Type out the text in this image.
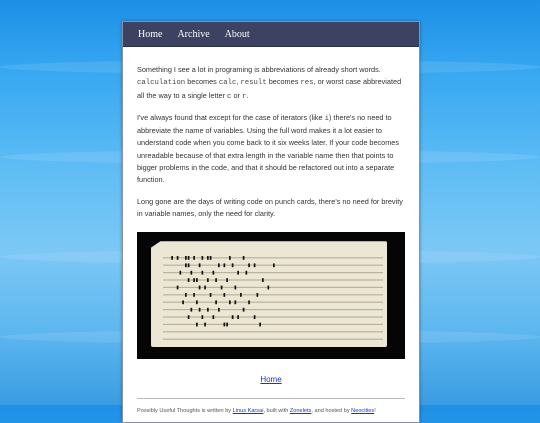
Home Archive About

Something I see a lot in programing is abbreviations of already short words. calculation becomes calc, result becomes res, or worst case abbreviated all the way to a single letter c or r.

I've always found that except for the case of iterators (like i) there's no need to abbreviate the name of variables. Using the full word makes it a lot easier to understand code when you come back to it six weeks later. If your code becomes unreadable because of that extra length in the variable name then that points to bigger problems in the code, and that it should be refactored out into a separate function.

Long gone are the days of writing code on punch cards, there's no need for brevity in variable names, only the need for clarity.

Home
Possibly Useful Thoughts is written by Linus Karsai, built with Zonelets, and hosted by Neocities!
